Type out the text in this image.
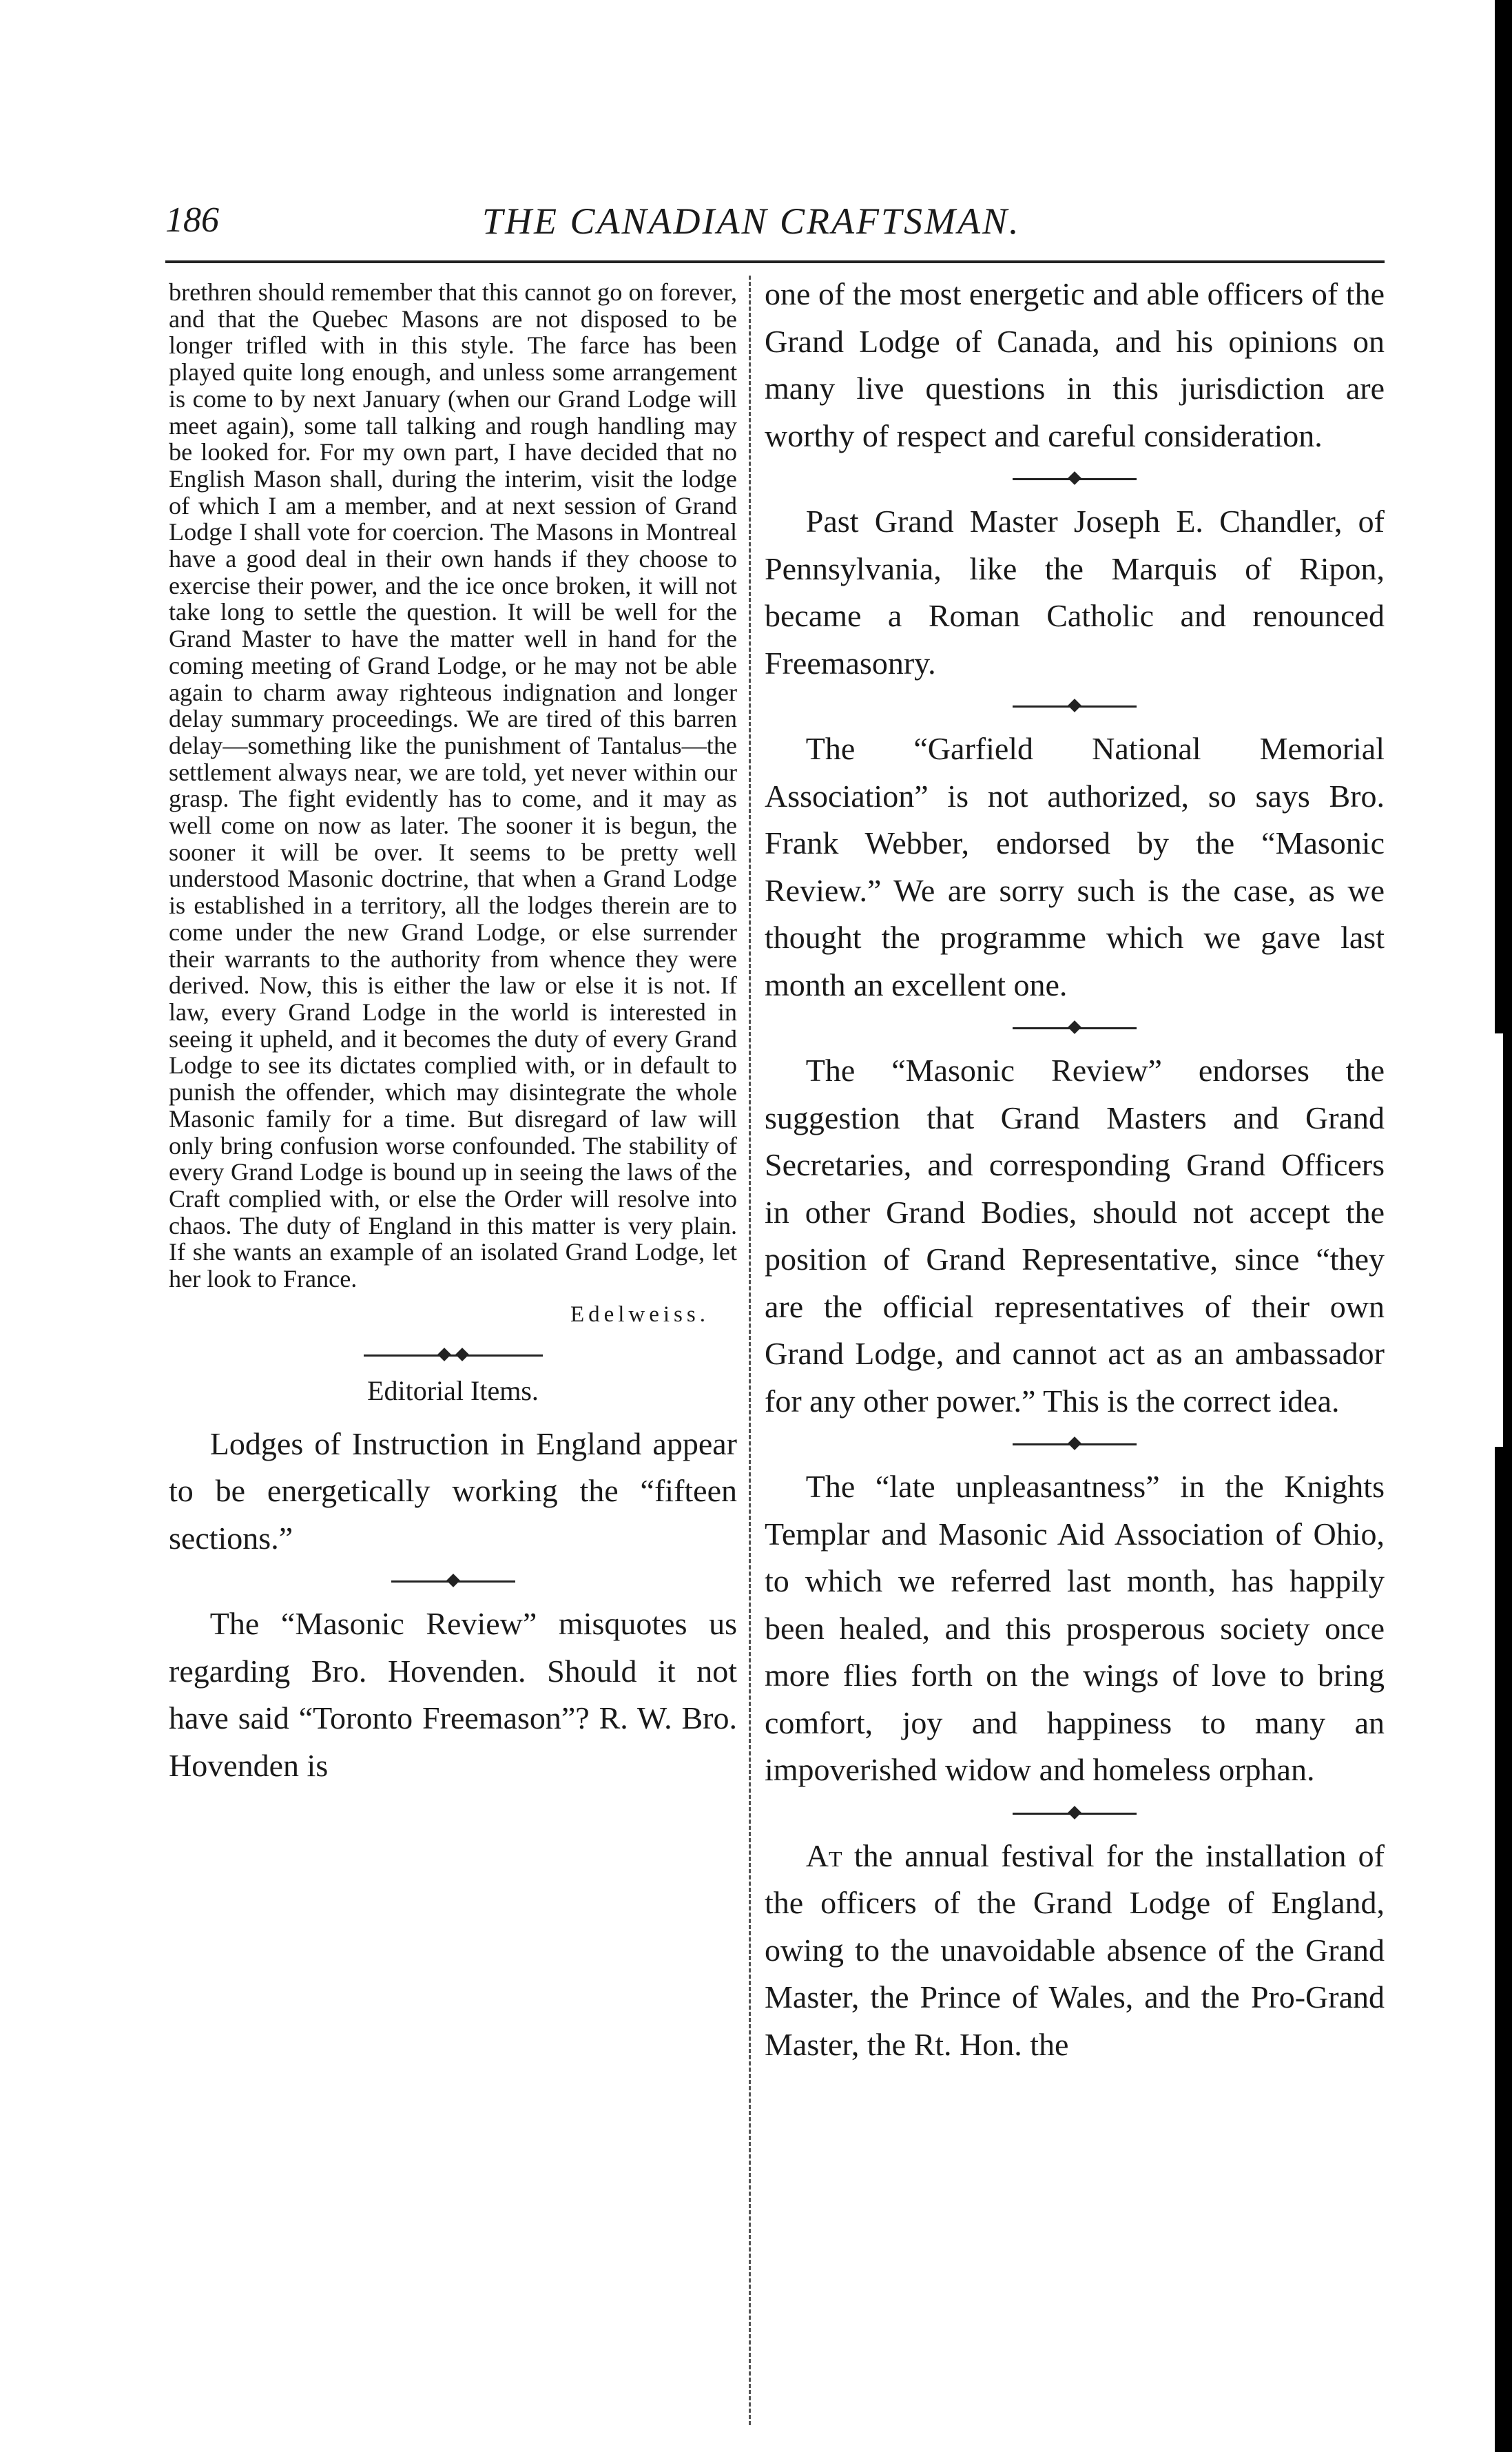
186	THE CANADIAN CRAFTSMAN.

brethren should remember that this cannot go on forever, and that the Quebec Masons are not disposed to be longer trifled with in this style. The farce has been played quite long enough, and unless some arrangement is come to by next January (when our Grand Lodge will meet again), some tall talking and rough handling may be looked for. For my own part, I have decided that no English Mason shall, during the interim, visit the lodge of which I am a member, and at next session of Grand Lodge I shall vote for coercion. The Masons in Montreal have a good deal in their own hands if they choose to exercise their power, and the ice once broken, it will not take long to settle the question. It will be well for the Grand Master to have the matter well in hand for the coming meeting of Grand Lodge, or he may not be able again to charm away righteous indignation and longer delay summary proceedings. We are tired of this barren delay—something like the punishment of Tantalus—the settlement always near, we are told, yet never within our grasp. The fight evidently has to come, and it may as well come on now as later. The sooner it is begun, the sooner it will be over. It seems to be pretty well understood Masonic doctrine, that when a Grand Lodge is established in a territory, all the lodges therein are to come under the new Grand Lodge, or else surrender their warrants to the authority from whence they were derived. Now, this is either the law or else it is not. If law, every Grand Lodge in the world is interested in seeing it upheld, and it becomes the duty of every Grand Lodge to see its dictates complied with, or in default to punish the offender, which may disintegrate the whole Masonic family for a time. But disregard of law will only bring confusion worse confounded. The stability of every Grand Lodge is bound up in seeing the laws of the Craft complied with, or else the Order will resolve into chaos. The duty of England in this matter is very plain. If she wants an example of an isolated Grand Lodge, let her look to France.

Edelweiss.
Editorial Items.

Lodges of Instruction in England appear to be energetically working the “fifteen sections.”

The “Masonic Review” misquotes us regarding Bro. Hovenden. Should it not have said “Toronto Freemason”? R. W. Bro. Hovenden is

one of the most energetic and able officers of the Grand Lodge of Canada, and his opinions on many live questions in this jurisdiction are worthy of respect and careful consideration.

Past Grand Master Joseph E. Chandler, of Pennsylvania, like the Marquis of Ripon, became a Roman Catholic and renounced Freemasonry.

The “Garfield National Memorial Association” is not authorized, so says Bro. Frank Webber, endorsed by the “Masonic Review.” We are sorry such is the case, as we thought the programme which we gave last month an excellent one.

The “Masonic Review” endorses the suggestion that Grand Masters and Grand Secretaries, and corresponding Grand Officers in other Grand Bodies, should not accept the position of Grand Representative, since “they are the official representatives of their own Grand Lodge, and cannot act as an ambassador for any other power.” This is the correct idea.

The “late unpleasantness” in the Knights Templar and Masonic Aid Association of Ohio, to which we referred last month, has happily been healed, and this prosperous society once more flies forth on the wings of love to bring comfort, joy and happiness to many an impoverished widow and homeless orphan.

At the annual festival for the installation of the officers of the Grand Lodge of England, owing to the unavoidable absence of the Grand Master, the Prince of Wales, and the Pro-Grand Master, the Rt. Hon. the
